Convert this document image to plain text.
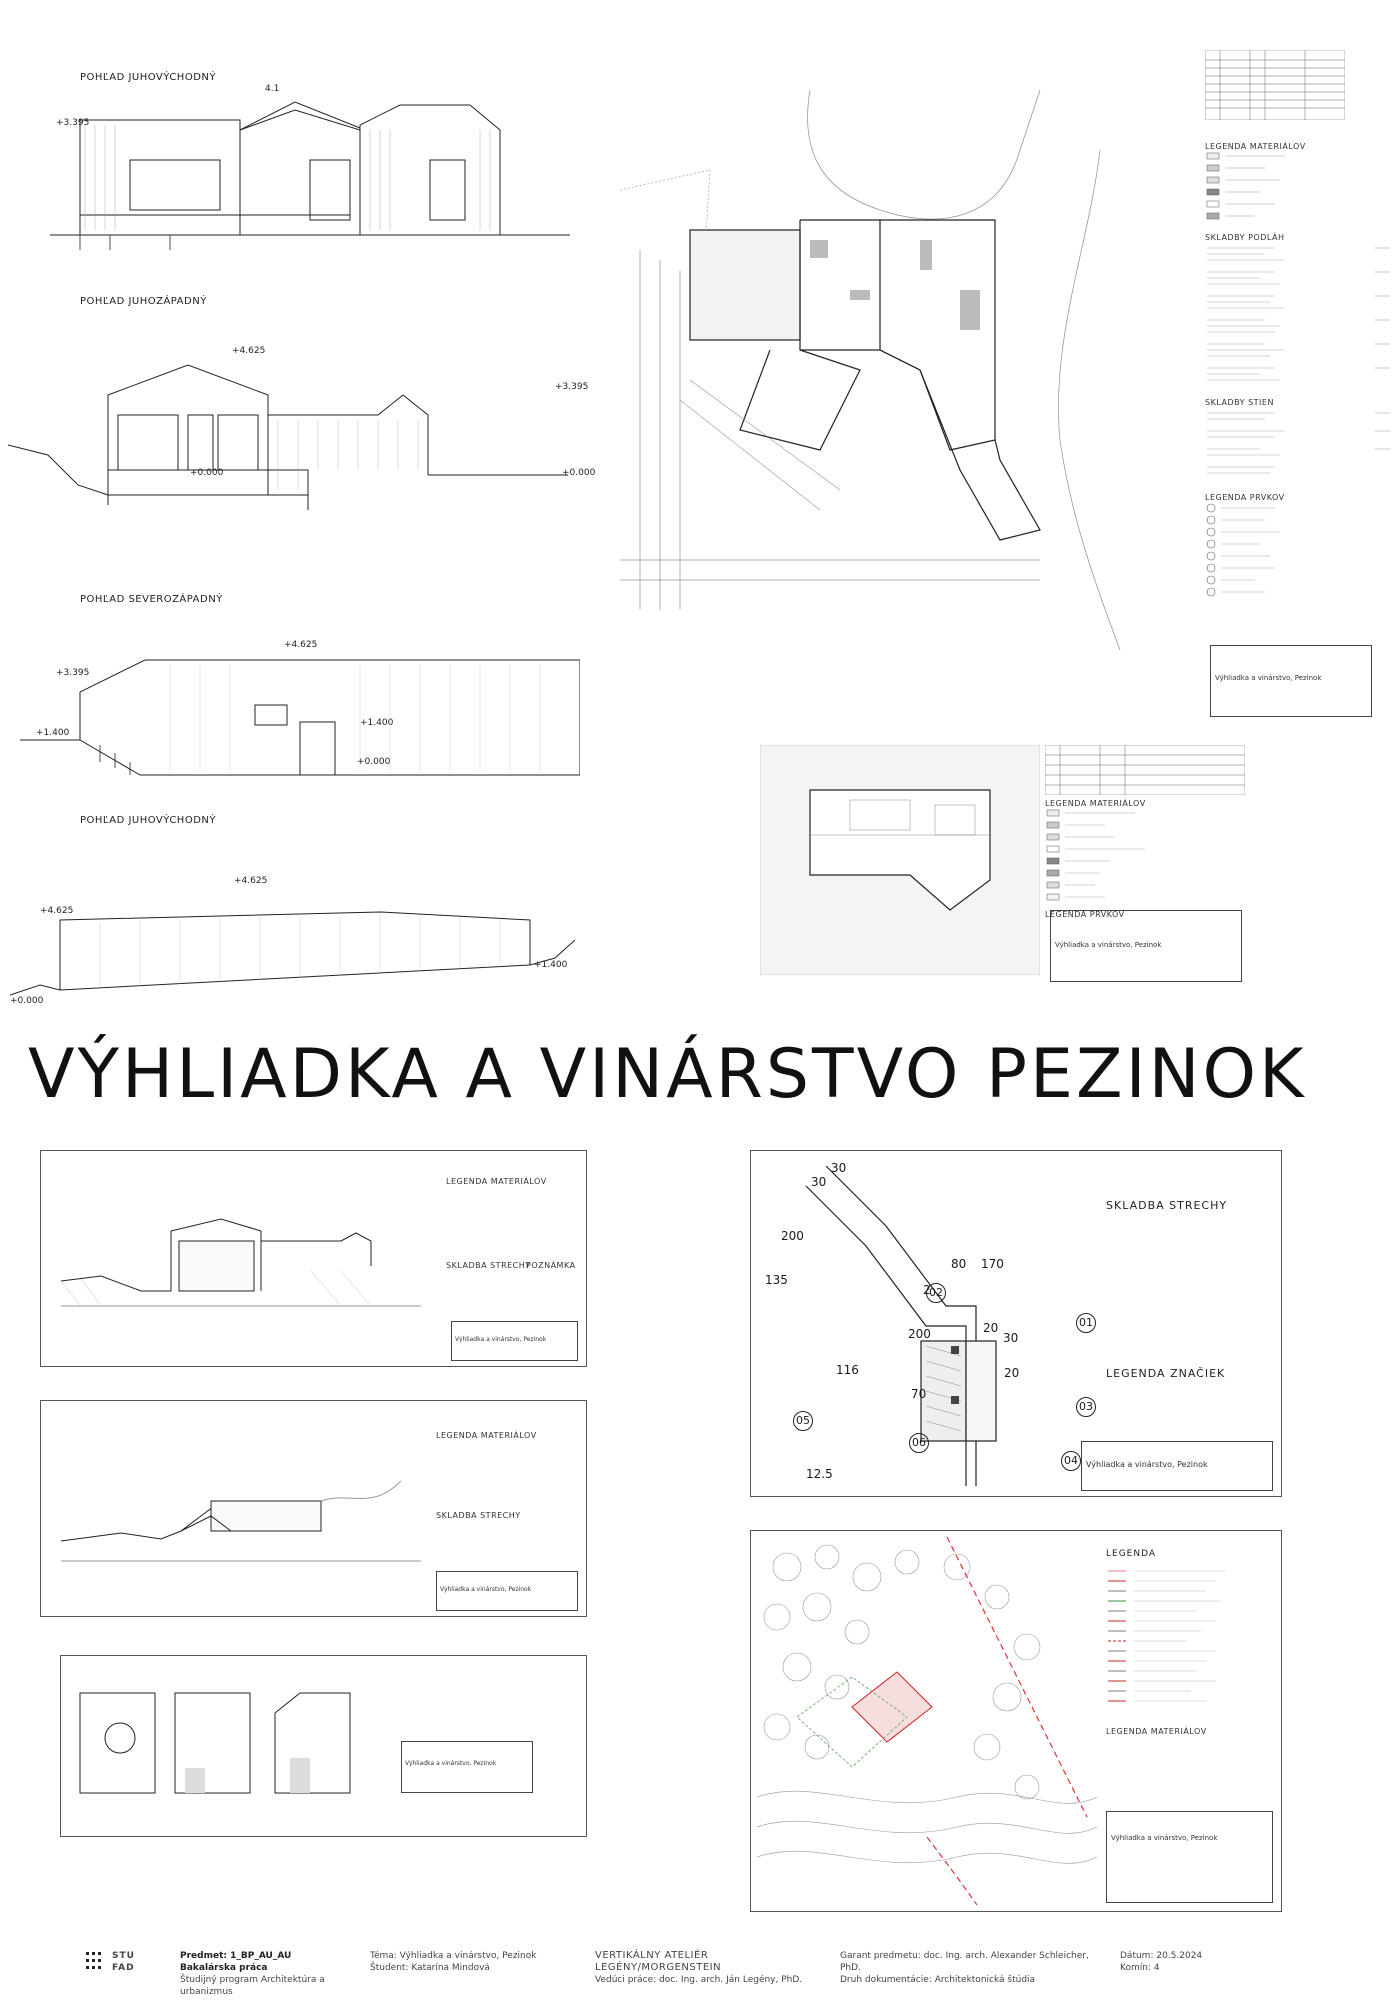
POHĽAD JUHOVÝCHODNÝ
4.1
+3.395
POHĽAD JUHOZÁPADNÝ
+4.625
+3.395
+0.000	+0.000
POHĽAD SEVEROZÁPADNÝ
+4.625
+3.395
+1.400
+1.400
+0.000
POHĽAD JUHOVÝCHODNÝ
+4.625
+4.625
+1.400
+0.000
LEGENDA MATERIÁLOV
SKLADBY PODLÁH
SKLADBY STIEN
LEGENDA PRVKOV
Výhliadka a vinárstvo, Pezinok
LEGENDA MATERIÁLOV
LEGENDA PRVKOV
Výhliadka a vinárstvo, Pezinok
VÝHLIADKA A VINÁRSTVO PEZINOK
LEGENDA MATERIÁLOV
SKLADBA STRECHY
POZNÁMKA
Výhliadka a vinárstvo, Pezinok
LEGENDA MATERIÁLOV
SKLADBA STRECHY
Výhliadka a vinárstvo, Pezinok
Výhliadka a vinárstvo, Pezinok
30
30
200
135
116
2
80 170
200	20
30
70
20
12.5
01
02
03
04
05
06
SKLADBA STRECHY
LEGENDA ZNAČIEK
Výhliadka a vinárstvo, Pezinok
LEGENDA
LEGENDA MATERIÁLOV
Výhliadka a vinárstvo, Pezinok
STU FAD
Predmet: 1_BP_AU_AU Bakalárska práca
Študijný program Architektúra a urbanizmus
Téma: Výhliadka a vinárstvo, Pezinok
Študent: Katarína Mindová
VERTIKÁLNY ATELIÉR LEGÉNY/MORGENSTEIN
Vedúci práce: doc. Ing. arch. Ján Legény, PhD.
Garant predmetu: doc. Ing. arch. Alexander Schleicher, PhD.
Druh dokumentácie: Architektonická štúdia
Dátum: 20.5.2024
Komín: 4
